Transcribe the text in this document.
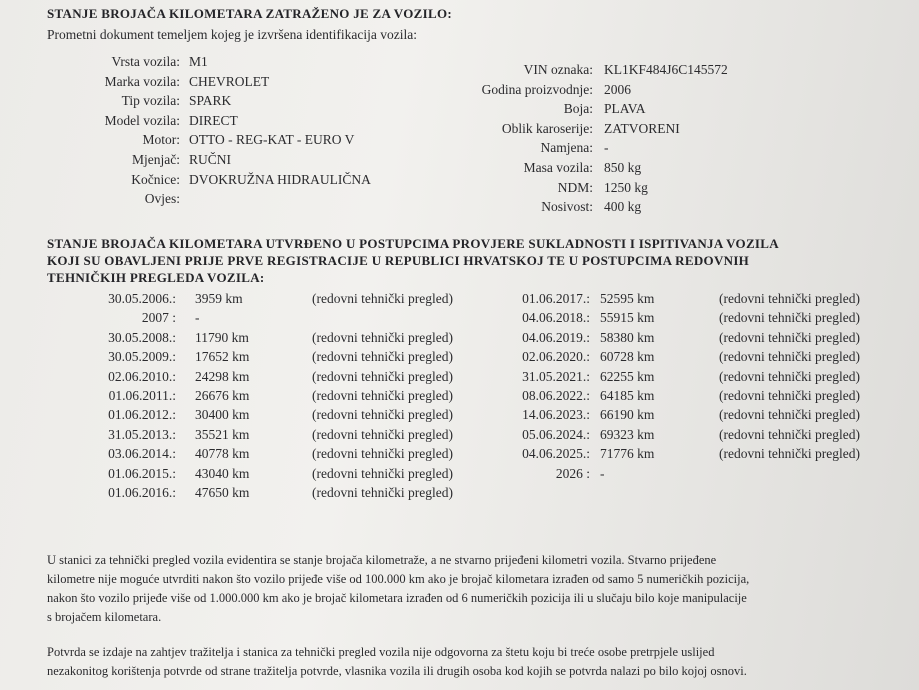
STANJE BROJAČA KILOMETARA ZATRAŽENO JE ZA VOZILO:
Prometni dokument temeljem kojeg je izvršena identifikacija vozila:
Vrsta vozila: M1
Marka vozila: CHEVROLET
Tip vozila: SPARK
Model vozila: DIRECT
Motor: OTTO - REG-KAT - EURO V
Mjenjač: RUČNI
Kočnice: DVOKRUŽNA HIDRAULIČNA
Ovjes:
VIN oznaka: KL1KF484J6C145572
Godina proizvodnje: 2006
Boja: PLAVA
Oblik karoserije: ZATVORENI
Namjena: -
Masa vozila: 850 kg
NDM: 1250 kg
Nosivost: 400 kg
STANJE BROJAČA KILOMETARA UTVRĐENO U POSTUPCIMA PROVJERE SUKLADNOSTI I ISPITIVANJA VOZILA
KOJI SU OBAVLJENI PRIJE PRVE REGISTRACIJE U REPUBLICI HRVATSKOJ TE U POSTUPCIMA REDOVNIH
TEHNIČKIH PREGLEDA VOZILA:
30.05.2006.: 3959 km	(redovni tehnički pregled)
2007 : -
30.05.2008.: 11790 km	(redovni tehnički pregled)
30.05.2009.: 17652 km	(redovni tehnički pregled)
02.06.2010.: 24298 km	(redovni tehnički pregled)
01.06.2011.: 26676 km	(redovni tehnički pregled)
01.06.2012.: 30400 km	(redovni tehnički pregled)
31.05.2013.: 35521 km	(redovni tehnički pregled)
03.06.2014.: 40778 km	(redovni tehnički pregled)
01.06.2015.: 43040 km	(redovni tehnički pregled)
01.06.2016.: 47650 km	(redovni tehnički pregled)
01.06.2017.: 52595 km	(redovni tehnički pregled)
04.06.2018.: 55915 km	(redovni tehnički pregled)
04.06.2019.: 58380 km	(redovni tehnički pregled)
02.06.2020.: 60728 km	(redovni tehnički pregled)
31.05.2021.: 62255 km	(redovni tehnički pregled)
08.06.2022.: 64185 km	(redovni tehnički pregled)
14.06.2023.: 66190 km	(redovni tehnički pregled)
05.06.2024.: 69323 km	(redovni tehnički pregled)
04.06.2025.: 71776 km	(redovni tehnički pregled)
2026 : -
U stanici za tehnički pregled vozila evidentira se stanje brojača kilometraže, a ne stvarno prijeđeni kilometri vozila. Stvarno prijeđene
kilometre nije moguće utvrditi nakon što vozilo prijeđe više od 100.000 km ako je brojač kilometara izrađen od samo 5 numeričkih pozicija,
nakon što vozilo prijeđe više od 1.000.000 km ako je brojač kilometara izrađen od 6 numeričkih pozicija ili u slučaju bilo koje manipulacije
s brojačem kilometara.
Potvrda se izdaje na zahtjev tražitelja i stanica za tehnički pregled vozila nije odgovorna za štetu koju bi treće osobe pretrpjele uslijed
nezakonitog korištenja potvrde od strane tražitelja potvrde, vlasnika vozila ili drugih osoba kod kojih se potvrda nalazi po bilo kojoj osnovi.
